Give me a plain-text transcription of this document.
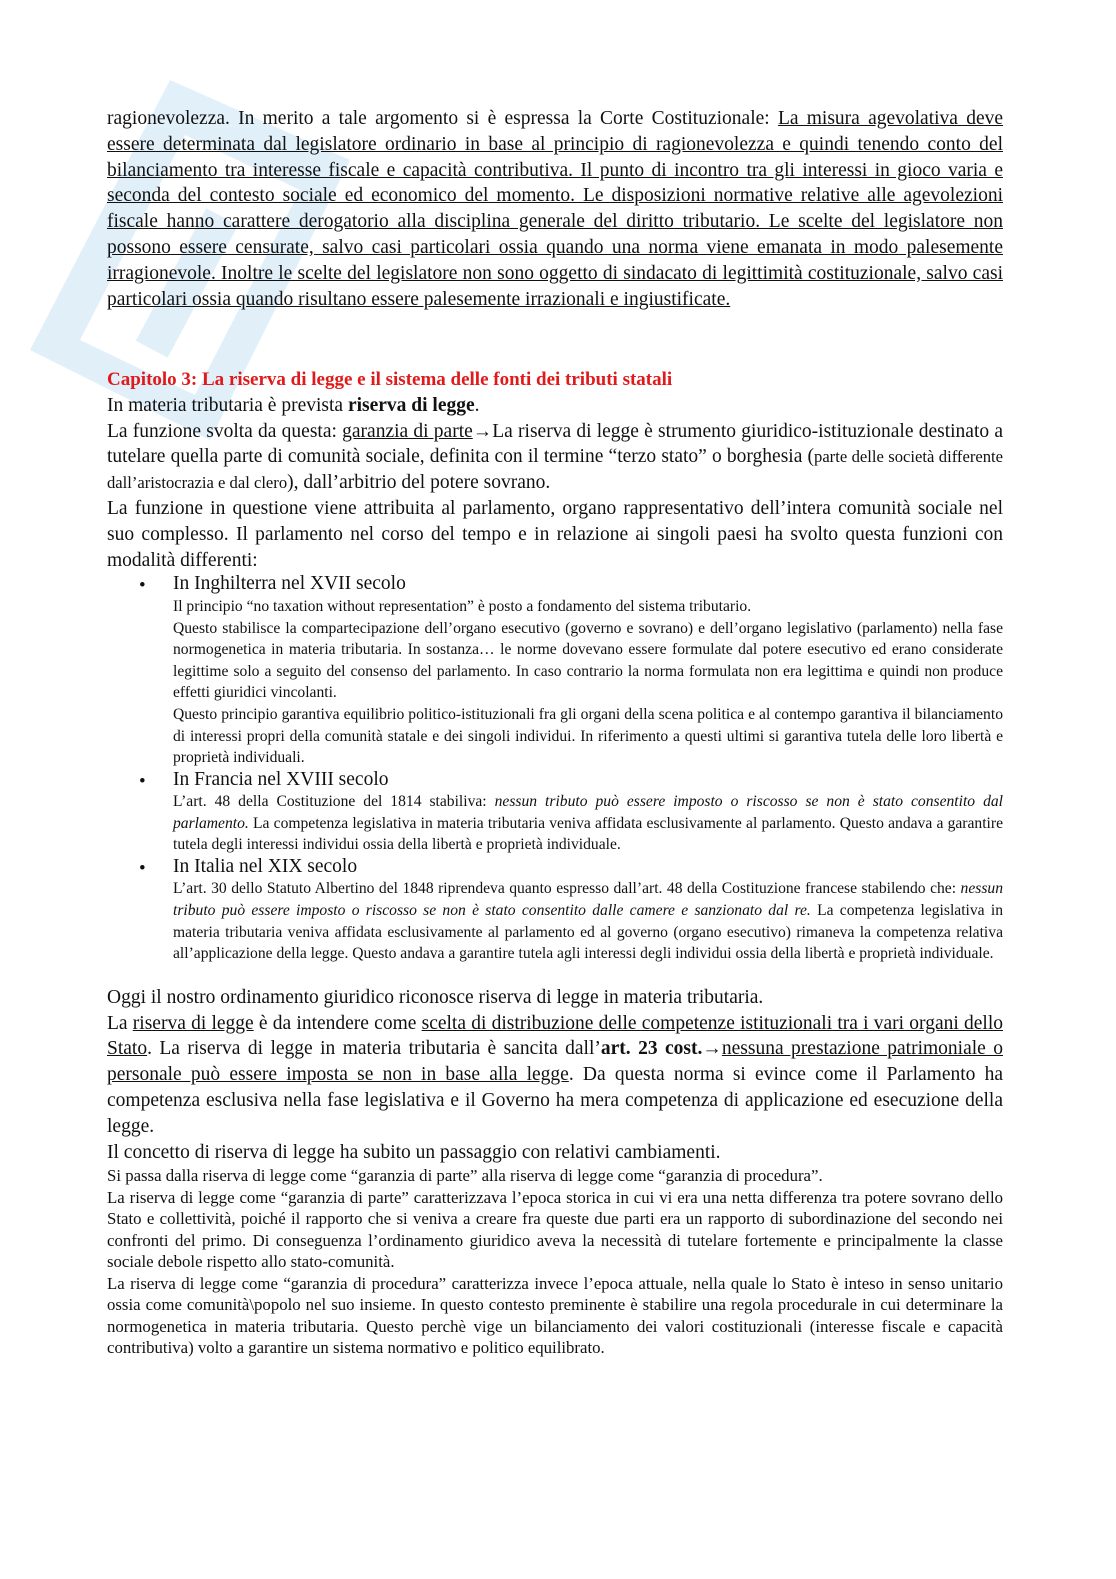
ragionevolezza. In merito a tale argomento si è espressa la Corte Costituzionale: La misura agevolativa deve essere determinata dal legislatore ordinario in base al principio di ragionevolezza e quindi tenendo conto del bilanciamento tra interesse fiscale e capacità contributiva. Il punto di incontro tra gli interessi in gioco varia e seconda del contesto sociale ed economico del momento. Le disposizioni normative relative alle agevolezioni fiscale hanno carattere derogatorio alla disciplina generale del diritto tributario. Le scelte del legislatore non possono essere censurate, salvo casi particolari ossia quando una norma viene emanata in modo palesemente irragionevole. Inoltre le scelte del legislatore non sono oggetto di sindacato di legittimità costituzionale, salvo casi particolari ossia quando risultano essere palesemente irrazionali e ingiustificate.

Capitolo 3: La riserva di legge e il sistema delle fonti dei tributi statali

In materia tributaria è prevista riserva di legge.

La funzione svolta da questa: garanzia di parte→La riserva di legge è strumento giuridico-istituzionale destinato a tutelare quella parte di comunità sociale, definita con il termine “terzo stato” o borghesia (parte delle società differente dall’aristocrazia e dal clero), dall’arbitrio del potere sovrano.

La funzione in questione viene attribuita al parlamento, organo rappresentativo dell’intera comunità sociale nel suo complesso. Il parlamento nel corso del tempo e in relazione ai singoli paesi ha svolto questa funzioni con modalità differenti:

• In Inghilterra nel XVII secolo

Il principio “no taxation without representation” è posto a fondamento del sistema tributario.

Questo stabilisce la compartecipazione dell’organo esecutivo (governo e sovrano) e dell’organo legislativo (parlamento) nella fase normogenetica in materia tributaria. In sostanza… le norme dovevano essere formulate dal potere esecutivo ed erano considerate legittime solo a seguito del consenso del parlamento. In caso contrario la norma formulata non era legittima e quindi non produce effetti giuridici vincolanti.

Questo principio garantiva equilibrio politico-istituzionali fra gli organi della scena politica e al contempo garantiva il bilanciamento di interessi propri della comunità statale e dei singoli individui. In riferimento a questi ultimi si garantiva tutela delle loro libertà e proprietà individuali.

• In Francia nel XVIII secolo

L’art. 48 della Costituzione del 1814 stabiliva: nessun tributo può essere imposto o riscosso se non è stato consentito dal parlamento. La competenza legislativa in materia tributaria veniva affidata esclusivamente al parlamento. Questo andava a garantire tutela degli interessi individui ossia della libertà e proprietà individuale.

• In Italia nel XIX secolo

L’art. 30 dello Statuto Albertino del 1848 riprendeva quanto espresso dall’art. 48 della Costituzione francese stabilendo che: nessun tributo può essere imposto o riscosso se non è stato consentito dalle camere e sanzionato dal re. La competenza legislativa in materia tributaria veniva affidata esclusivamente al parlamento ed al governo (organo esecutivo) rimaneva la competenza relativa all’applicazione della legge. Questo andava a garantire tutela agli interessi degli individui ossia della libertà e proprietà individuale.

Oggi il nostro ordinamento giuridico riconosce riserva di legge in materia tributaria.

La riserva di legge è da intendere come scelta di distribuzione delle competenze istituzionali tra i vari organi dello Stato. La riserva di legge in materia tributaria è sancita dall’art. 23 cost.→nessuna prestazione patrimoniale o personale può essere imposta se non in base alla legge. Da questa norma si evince come il Parlamento ha competenza esclusiva nella fase legislativa e il Governo ha mera competenza di applicazione ed esecuzione della legge.

Il concetto di riserva di legge ha subito un passaggio con relativi cambiamenti.

Si passa dalla riserva di legge come “garanzia di parte” alla riserva di legge come “garanzia di procedura”.

La riserva di legge come “garanzia di parte” caratterizzava l’epoca storica in cui vi era una netta differenza tra potere sovrano dello Stato e collettività, poiché il rapporto che si veniva a creare fra queste due parti era un rapporto di subordinazione del secondo nei confronti del primo. Di conseguenza l’ordinamento giuridico aveva la necessità di tutelare fortemente e principalmente la classe sociale debole rispetto allo stato-comunità.

La riserva di legge come “garanzia di procedura” caratterizza invece l’epoca attuale, nella quale lo Stato è inteso in senso unitario ossia come comunità\popolo nel suo insieme. In questo contesto preminente è stabilire una regola procedurale in cui determinare la normogenetica in materia tributaria. Questo perchè vige un bilanciamento dei valori costituzionali (interesse fiscale e capacità contributiva) volto a garantire un sistema normativo e politico equilibrato.
